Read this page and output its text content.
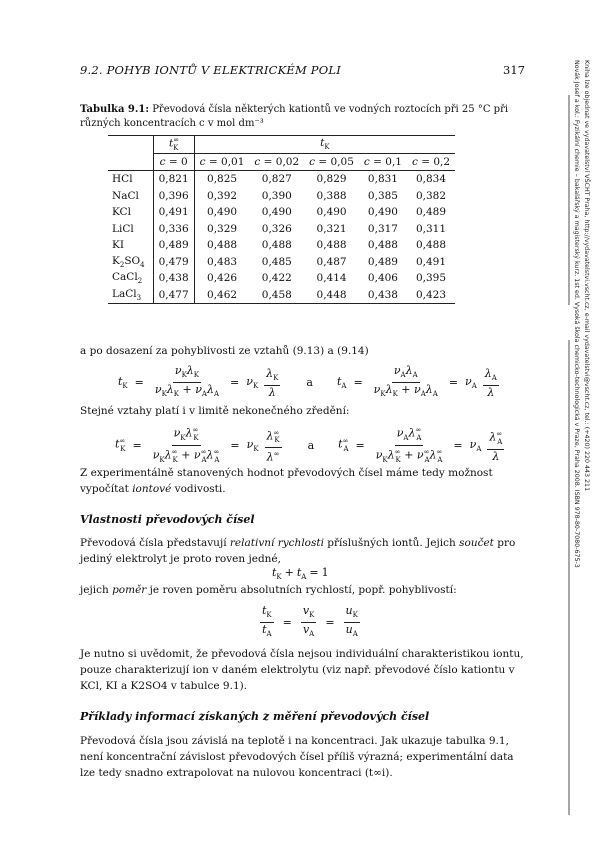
9.2. POHYB IONTŮ V ELEKTRICKÉM POLI	317	Novák Josef a kol.: Fyzikální chemie – bakalářský a magisterský kurz. 1st ed. Vysoká škola chemicko-technologická v Praze, Praha 2008. ISBN 978-80-7080-675-3 Kniha lze objednat ve vydavatelství VŠCHT Praha, http://vydavatelstvi.vscht.cz, e-mail vydavatelstvi@vscht.cz, tel.: (+420) 220 443 211
Tabulka 9.1: Převodová čísla některých kationtů ve vodných roztocích při 25 °C při různých koncentracích c v mol dm⁻³
	$t^\infty_K$	$t_K$
	c = 0	c = 0,01	c = 0,02	c = 0,05	c = 0,1	c = 0,2
HCl	0,821	0,825	0,827	0,829	0,831	0,834
NaCl	0,396	0,392	0,390	0,388	0,385	0,382
KCl	0,491	0,490	0,490	0,490	0,490	0,489
LiCl	0,336	0,329	0,326	0,321	0,317	0,311
KI	0,489	0,488	0,488	0,488	0,488	0,488
$K_2SO_4$	0,479	0,483	0,485	0,487	0,489	0,491
CaCl$_2$	0,438	0,426	0,422	0,414	0,406	0,395
LaCl$_3$	0,477	0,462	0,458	0,448	0,438	0,423
a po dosazení za pohyblivosti ze vztahů (9.13) a (9.14)
$t_K = \frac{\nu_K\lambda_K}{\nu_K\lambda_K + \nu_A\lambda_A} = \nu_K \frac{\lambda_K}{\lambda}$	a	$t_A = \frac{\nu_A\lambda_A}{\nu_K\lambda_K + \nu_A\lambda_A} = \nu_A \frac{\lambda_A}{\lambda}$
Stejné vztahy platí i v limitě nekonečného zředění:
$t^\infty_K = \frac{\nu_K\lambda^\infty_K}{\nu_K\lambda^\infty_K + \nu^\infty_A\lambda^\infty_A} = \nu_K \frac{\lambda^\infty_K}{\lambda^\infty}$	a	$t^\infty_A = \frac{\nu_A\lambda^\infty_A}{\nu_K\lambda^\infty_K + \nu^\infty_A\lambda^\infty_A} = \nu_A \frac{\lambda^\infty_A}{\lambda}$
Z experimentálně stanovených hodnot převodových čísel máme tedy možnost vypočítat iontové vodivosti.
Vlastnosti převodových čísel
Převodová čísla představují relativní rychlosti příslušných iontů. Jejich součet pro jediný elektrolyt je proto roven jedné,
$t_K + t_A = 1$
jejich poměr je roven poměru absolutních rychlostí, popř. pohyblivostí:
$\frac{t_K}{t_A} = \frac{v_K}{v_A} = \frac{u_K}{u_A}$
Je nutno si uvědomit, že převodová čísla nejsou individuální charakteristikou iontu, pouze charakterizují ion v daném elektrolytu (viz např. převodové číslo kationtu v KCl, KI a K2SO4 v tabulce 9.1).
Příklady informací získaných z měření převodových čísel
Převodová čísla jsou závislá na teplotě i na koncentraci. Jak ukazuje tabulka 9.1, není koncentrační závislost převodových čísel příliš výrazná; experimentální data lze tedy snadno extrapolovat na nulovou koncentraci (t∞i).
